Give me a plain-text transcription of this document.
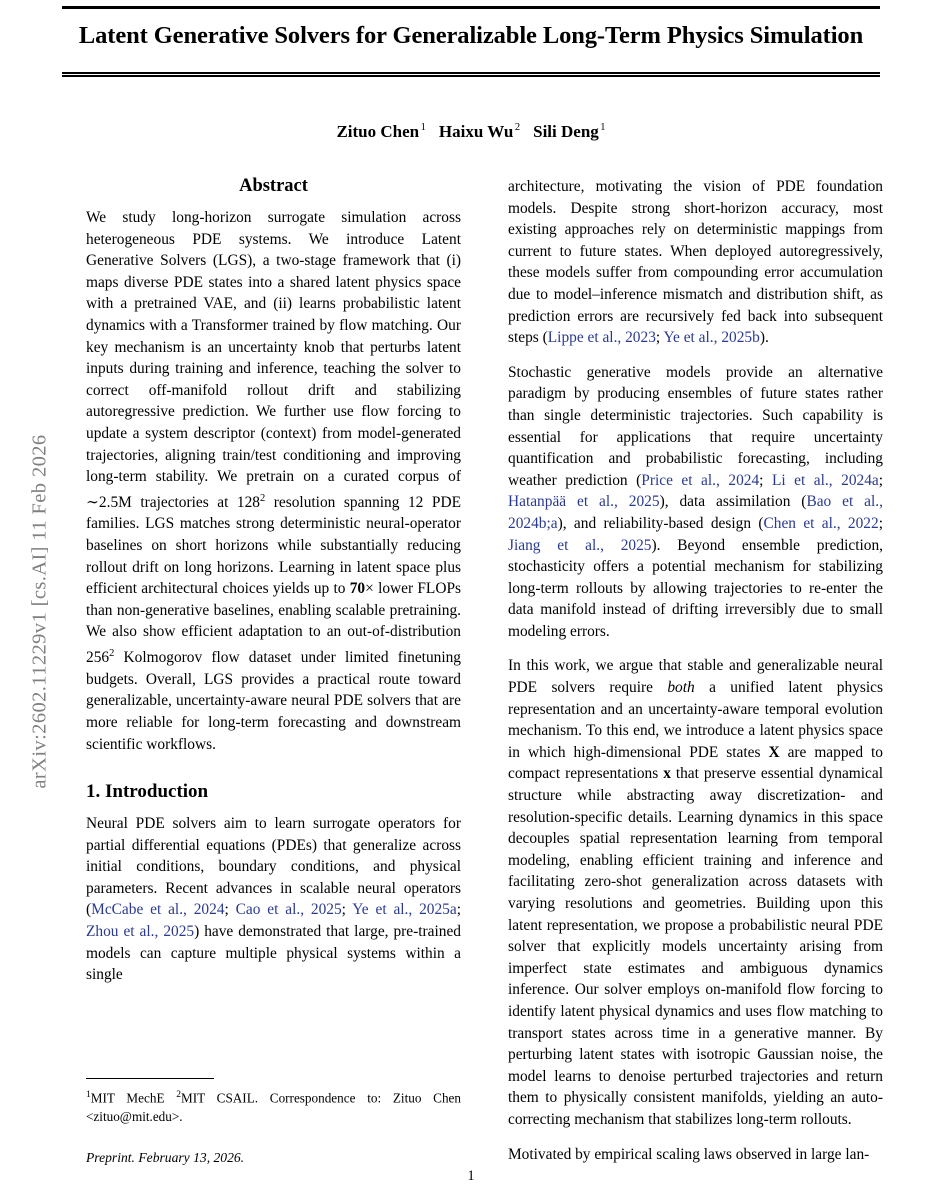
arXiv:2602.11229v1 [cs.AI] 11 Feb 2026
Latent Generative Solvers for Generalizable Long-Term Physics Simulation
Zituo Chen $^1$ Haixu Wu $^2$ Sili Deng $^1$
Abstract

We study long-horizon surrogate simulation across heterogeneous PDE systems. We introduce Latent Generative Solvers (LGS), a two-stage framework that (i) maps diverse PDE states into a shared latent physics space with a pretrained VAE, and (ii) learns probabilistic latent dynamics with a Transformer trained by flow matching. Our key mechanism is an uncertainty knob that perturbs latent inputs during training and inference, teaching the solver to correct off-manifold rollout drift and stabilizing autoregressive prediction. We further use flow forcing to update a system descriptor (context) from model-generated trajectories, aligning train/test conditioning and improving long-term stability. We pretrain on a curated corpus of ∼2.5M trajectories at $128^2$ resolution spanning 12 PDE families. LGS matches strong deterministic neural-operator baselines on short horizons while substantially reducing rollout drift on long horizons. Learning in latent space plus efficient architectural choices yields up to 70× lower FLOPs than non-generative baselines, enabling scalable pretraining. We also show efficient adaptation to an out-of-distribution $256^2$ Kolmogorov flow dataset under limited finetuning budgets. Overall, LGS provides a practical route toward generalizable, uncertainty-aware neural PDE solvers that are more reliable for long-term forecasting and downstream scientific workflows.

1. Introduction

Neural PDE solvers aim to learn surrogate operators for partial differential equations (PDEs) that generalize across initial conditions, boundary conditions, and physical parameters. Recent advances in scalable neural operators (McCabe et al., 2024; Cao et al., 2025; Ye et al., 2025a; Zhou et al., 2025) have demonstrated that large, pre-trained models can capture multiple physical systems within a single

architecture, motivating the vision of PDE foundation models. Despite strong short-horizon accuracy, most existing approaches rely on deterministic mappings from current to future states. When deployed autoregressively, these models suffer from compounding error accumulation due to model–inference mismatch and distribution shift, as prediction errors are recursively fed back into subsequent steps (Lippe et al., 2023; Ye et al., 2025b).

Stochastic generative models provide an alternative paradigm by producing ensembles of future states rather than single deterministic trajectories. Such capability is essential for applications that require uncertainty quantification and probabilistic forecasting, including weather prediction (Price et al., 2024; Li et al., 2024a; Hatanpää et al., 2025), data assimilation (Bao et al., 2024b;a), and reliability-based design (Chen et al., 2022; Jiang et al., 2025). Beyond ensemble prediction, stochasticity offers a potential mechanism for stabilizing long-term rollouts by allowing trajectories to re-enter the data manifold instead of drifting irreversibly due to small modeling errors.

In this work, we argue that stable and generalizable neural PDE solvers require both a unified latent physics representation and an uncertainty-aware temporal evolution mechanism. To this end, we introduce a latent physics space in which high-dimensional PDE states X are mapped to compact representations x that preserve essential dynamical structure while abstracting away discretization- and resolution-specific details. Learning dynamics in this space decouples spatial representation learning from temporal modeling, enabling efficient training and inference and facilitating zero-shot generalization across datasets with varying resolutions and geometries. Building upon this latent representation, we propose a probabilistic neural PDE solver that explicitly models uncertainty arising from imperfect state estimates and ambiguous dynamics inference. Our solver employs on-manifold flow forcing to identify latent physical dynamics and uses flow matching to transport states across time in a generative manner. By perturbing latent states with isotropic Gaussian noise, the model learns to denoise perturbed trajectories and return them to physically consistent manifolds, yielding an auto-correcting mechanism that stabilizes long-term rollouts.

Motivated by empirical scaling laws observed in large lan-

$^1$MIT MechE $^2$MIT CSAIL. Correspondence to: Zituo Chen <zituo@mit.edu>.
Preprint. February 13, 2026.
1
